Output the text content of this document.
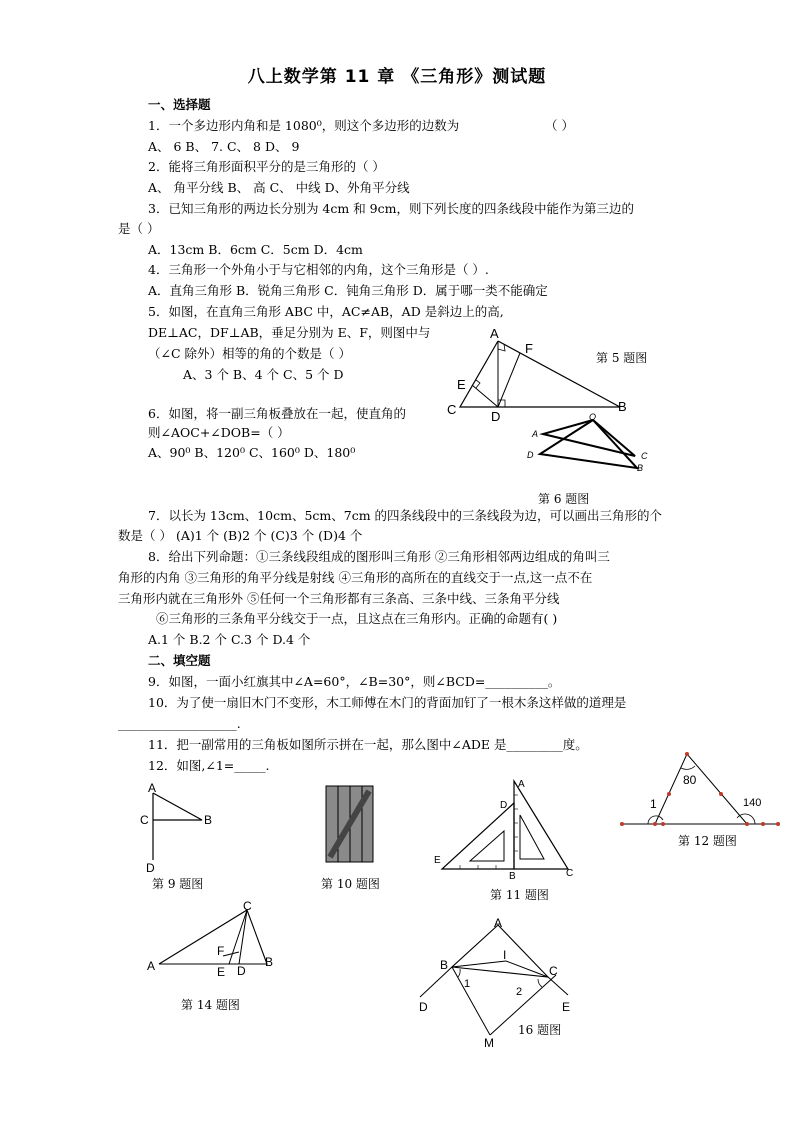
八上数学第 11 章 《三角形》测试题
一、选择题
1．一个多边形内角和是 1080⁰，则这个多边形的边数为	（ ）
A、 6 B、 7. C、 8 D、 9
2．能将三角形面积平分的是三角形的（ ）
A、 角平分线 B、 高 C、 中线 D、外角平分线
3．已知三角形的两边长分别为 4cm 和 9cm，则下列长度的四条线段中能作为第三边的
是（ ）
A．13cm B．6cm C．5cm D．4cm
4．三角形一个外角小于与它相邻的内角，这个三角形是（ ）.
A．直角三角形 B．锐角三角形 C．钝角三角形 D．属于哪一类不能确定
5．如图，在直角三角形 ABC 中，AC≠AB，AD 是斜边上的高,
DE⊥AC，DF⊥AB，垂足分别为 E、F，则图中与
（∠C 除外）相等的角的个数是（ ）
A、3 个 B、4 个 C、5 个 D
A
F
E
C	D
B
第 5 题图
6．如图，将一副三角板叠放在一起，使直角的
则∠AOC+∠DOB=（ ）
A、90⁰ B、120⁰ C、160⁰ D、180⁰
O
A
D
B
C
第 6 题图
7．以长为 13cm、10cm、5cm、7cm 的四条线段中的三条线段为边，可以画出三角形的个
数是（ ） (A)1 个 (B)2 个 (C)3 个 (D)4 个
8．给出下列命题：①三条线段组成的图形叫三角形 ②三角形相邻两边组成的角叫三
角形的内角 ③三角形的角平分线是射线 ④三角形的高所在的直线交于一点,这一点不在
三角形内就在三角形外 ⑤任何一个三角形都有三条高、三条中线、三条角平分线
⑥三角形的三条角平分线交于一点，且这点在三角形内。正确的命题有( )
A.1 个 B.2 个 C.3 个 D.4 个
二、填空题
9．如图，一面小红旗其中∠A=60°，∠B=30°，则∠BCD=__________。
10．为了使一扇旧木门不变形，木工师傅在木门的背面加钉了一根木条这样做的道理是
___________________.
11．把一副常用的三角板如图所示拼在一起，那么图中∠ADE 是_________度。
12．如图,∠1=_____.
A
C	B
D
第 9 题图	第 10 题图
D
A
E
B	C
第 11 题图
80
1	140
第 12 题图
C
F
A	E D
B
第 14 题图
A
I
B	C
1
2
D	E
M
16 题图
